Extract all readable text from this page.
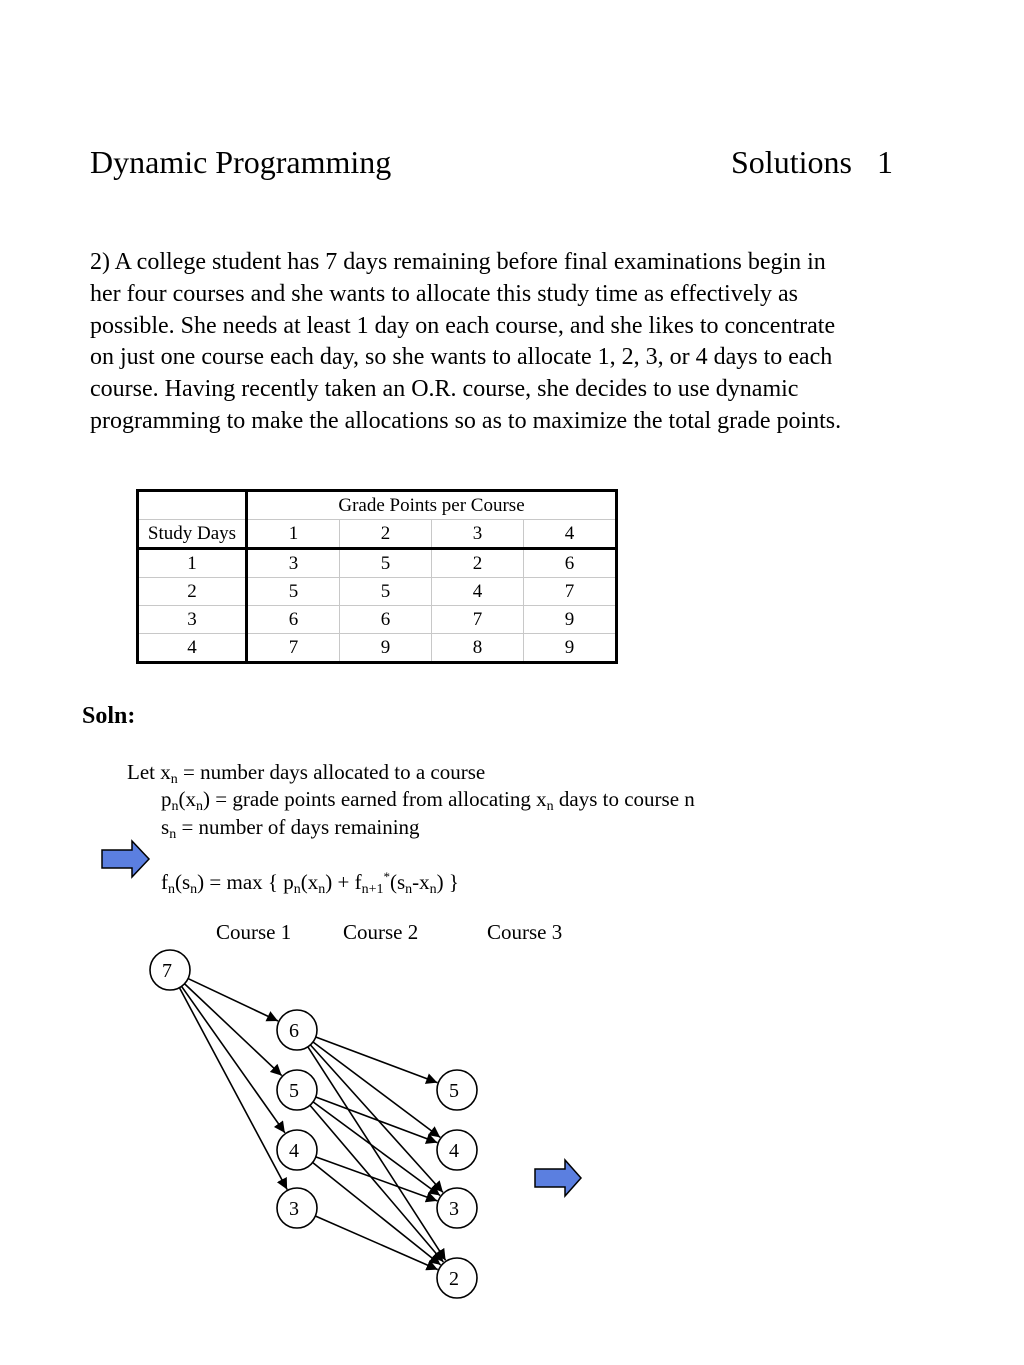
Dynamic Programming	Solutions 1

2) A college student has 7 days remaining before final examinations begin in

her four courses and she wants to allocate this study time as effectively as

possible. She needs at least 1 day on each course, and she likes to concentrate

on just one course each day, so she wants to allocate 1, 2, 3, or 4 days to each

course. Having recently taken an O.R. course, she decides to use dynamic

programming to make the allocations so as to maximize the total grade points.

	Grade Points per Course			
Study Days	1	2	3	4
1	3	5	2	6
2	5	5	4	7
3	6	6	7	9
4	7	9	8	9
Soln:
Let $x_n$ = number days allocated to a course
$p_n(x_n)$ = grade points earned from allocating $x_n$ days to course n
$s_n$ = number of days remaining
$f_n(s_n) = \max$ { $p_n(x_n) + f_{n+1}^*(s_n-x_n)$ }
Course 1 Course 2	Course 3
7
6
5
4
3
5
4
3
2
